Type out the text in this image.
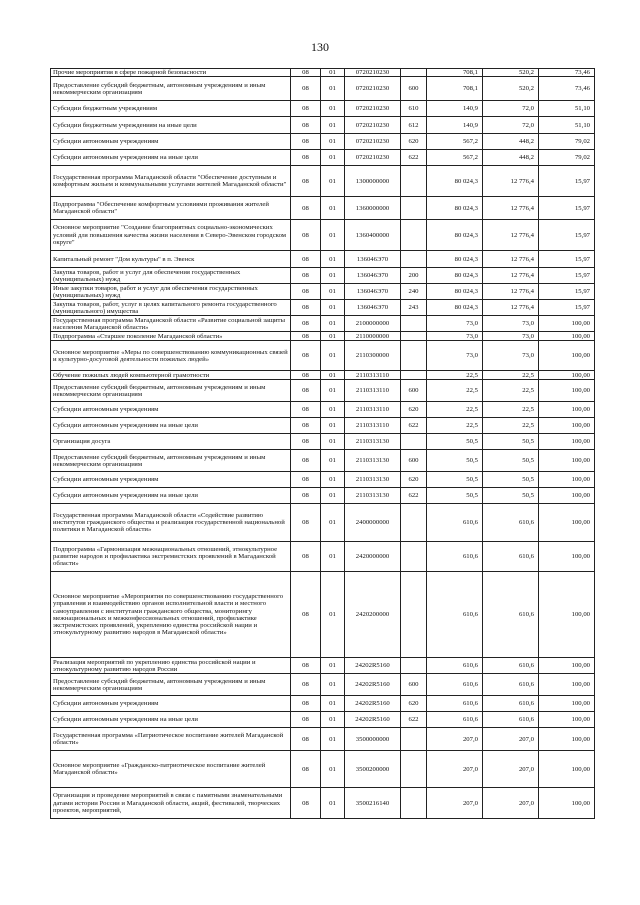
130
Прочие мероприятия в сфере пожарной безопасности	08	01	0720210230		708,1	520,2	73,46
Предоставление субсидий бюджетным, автономным учреждениям и иным некоммерческим организациям	08	01	0720210230	600	708,1	520,2	73,46
Субсидии бюджетным учреждениям	08	01	0720210230	610	140,9	72,0	51,10
Субсидии бюджетным учреждениям на иные цели	08	01	0720210230	612	140,9	72,0	51,10
Субсидии автономным учреждениям	08	01	0720210230	620	567,2	448,2	79,02
Субсидии автономным учреждениям на иные цели	08	01	0720210230	622	567,2	448,2	79,02
Государственная программа Магаданской области "Обеспечение доступным и комфортным жильем и коммунальными услугами жителей Магаданской области"	08	01	1300000000		80 024,3	12 776,4	15,97
Подпрограмма "Обеспечение комфортным условиями проживания жителей Магаданской области"	08	01	1360000000		80 024,3	12 776,4	15,97
Основное мероприятие "Создание благоприятных социально-экономических условий для повышения качества жизни населения в Северо-Эвенском городском округе"	08	01	1360400000		80 024,3	12 776,4	15,97
Капитальный ремонт "Дом культуры" в п. Эвенск	08	01	136046Э70		80 024,3	12 776,4	15,97
Закупка товаров, работ и услуг для обеспечения государственных (муниципальных) нужд	08	01	136046Э70	200	80 024,3	12 776,4	15,97
Иные закупки товаров, работ и услуг для обеспечения государственных (муниципальных) нужд	08	01	136046Э70	240	80 024,3	12 776,4	15,97
Закупка товаров, работ, услуг в целях капитального ремонта государственного (муниципального) имущества	08	01	136046Э70	243	80 024,3	12 776,4	15,97
Государственная программа Магаданской области «Развитие социальной защиты населения Магаданской области»	08	01	2100000000		73,0	73,0	100,00
Подпрограмма «Старшее поколение Магаданской области»	08	01	2110000000		73,0	73,0	100,00
Основное мероприятие «Меры по совершенствованию коммуникационных связей и культурно-досуговой деятельности пожилых людей»	08	01	2110300000		73,0	73,0	100,00
Обучение пожилых людей компьютерной грамотности	08	01	2110313110		22,5	22,5	100,00
Предоставление субсидий бюджетным, автономным учреждениям и иным некоммерческим организациям	08	01	2110313110	600	22,5	22,5	100,00
Субсидии автономным учреждениям	08	01	2110313110	620	22,5	22,5	100,00
Субсидии автономным учреждениям на иные цели	08	01	2110313110	622	22,5	22,5	100,00
Организация досуга	08	01	2110313130		50,5	50,5	100,00
Предоставление субсидий бюджетным, автономным учреждениям и иным некоммерческим организациям	08	01	2110313130	600	50,5	50,5	100,00
Субсидии автономным учреждениям	08	01	2110313130	620	50,5	50,5	100,00
Субсидии автономным учреждениям на иные цели	08	01	2110313130	622	50,5	50,5	100,00
Государственная программа Магаданской области «Содействие развитию институтов гражданского общества и реализация государственной национальной политики в Магаданской области»	08	01	2400000000		610,6	610,6	100,00
Подпрограмма «Гармонизация межнациональных отношений, этнокультурное развитие народов и профилактика экстремистских проявлений в Магаданской области»	08	01	2420000000		610,6	610,6	100,00
Основное мероприятие «Мероприятия по совершенствованию государственного управления и взаимодействию органов исполнительной власти и местного самоуправления с институтами гражданского общества, мониторингу межнациональных и межконфессиональных отношений, профилактике экстремистских проявлений, укреплению единства российской нации и этнокультурному развитию народов в Магаданской области»	08	01	2420200000		610,6	610,6	100,00
Реализация мероприятий по укреплению единства российской нации и этнокультурному развитию народов России	08	01	24202R5160		610,6	610,6	100,00
Предоставление субсидий бюджетным, автономным учреждениям и иным некоммерческим организациям	08	01	24202R5160	600	610,6	610,6	100,00
Субсидии автономным учреждениям	08	01	24202R5160	620	610,6	610,6	100,00
Субсидии автономным учреждениям на иные цели	08	01	24202R5160	622	610,6	610,6	100,00
Государственная программа «Патриотическое воспитание жителей Магаданской области»	08	01	3500000000		207,0	207,0	100,00
Основное мероприятие «Гражданско-патриотическое воспитание жителей Магаданской области»	08	01	3500200000		207,0	207,0	100,00
Организация и проведение мероприятий в связи с памятными знаменательными датами истории России и Магаданской области, акций, фестивалей, творческих проектов, мероприятий,	08	01	3500216140		207,0	207,0	100,00
